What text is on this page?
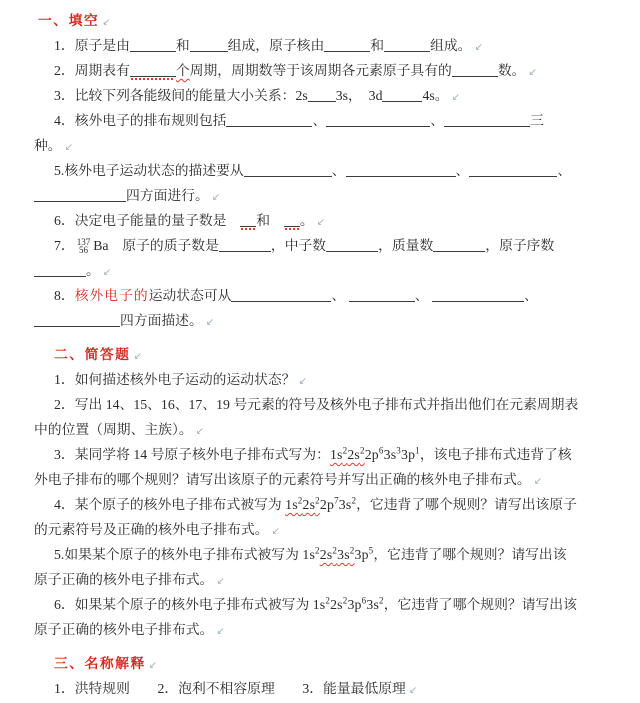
一、填空 ↙
1．原子是由	和	组成，原子核由	和	组成。 ↙
2．周期表有	个周期，周期数等于该周期各元素原子具有的	数。 ↙
3．比较下列各能级间的能量大小关系：2s 3s，　3d	4s。 ↙
4．核外电子的排布规则包括	、	、	三
种。 ↙
5.核外电子运动状态的描述要从	、	、	、
四方面进行。 ↙
6．决定电子能量的量子数是　和　。 ↙
7． 137
56 Ba　原子的质子数是	，中子数	，质量数	，原子序数
。 ↙
8．核外电子的运动状态可从	、	、	、
四方面描述。 ↙
二、简答题 ↙
1．如何描述核外电子运动的运动状态？ ↙
2．写出 14、15、16、17、19 号元素的符号及核外电子排布式并指出他们在元素周期表
中的位置（周期、主族）。 ↙
3．某同学将 14 号原子核外电子排布式写为：$1s^22s^22p^63s^33p^1$，该电子排布式违背了核
外电子排布的哪个规则？请写出该原子的元素符号并写出正确的核外电子排布式。 ↙
4．某个原子的核外电子排布式被写为 $1s^22s^22p^73s^2$，它违背了哪个规则？请写出该原子
的元素符号及正确的核外电子排布式。 ↙
5.如果某个原子的核外电子排布式被写为 $1s^22s^23s^23p^5$，它违背了哪个规则？请写出该
原子正确的核外电子排布式。 ↙
6．如果某个原子的核外电子排布式被写为 $1s^22s^23p^63s^2$，它违背了哪个规则？请写出该
原子正确的核外电子排布式。 ↙
三、名称解释 ↙
1．洪特规则　　2．泡利不相容原理　　3．能量最低原理 ↙
